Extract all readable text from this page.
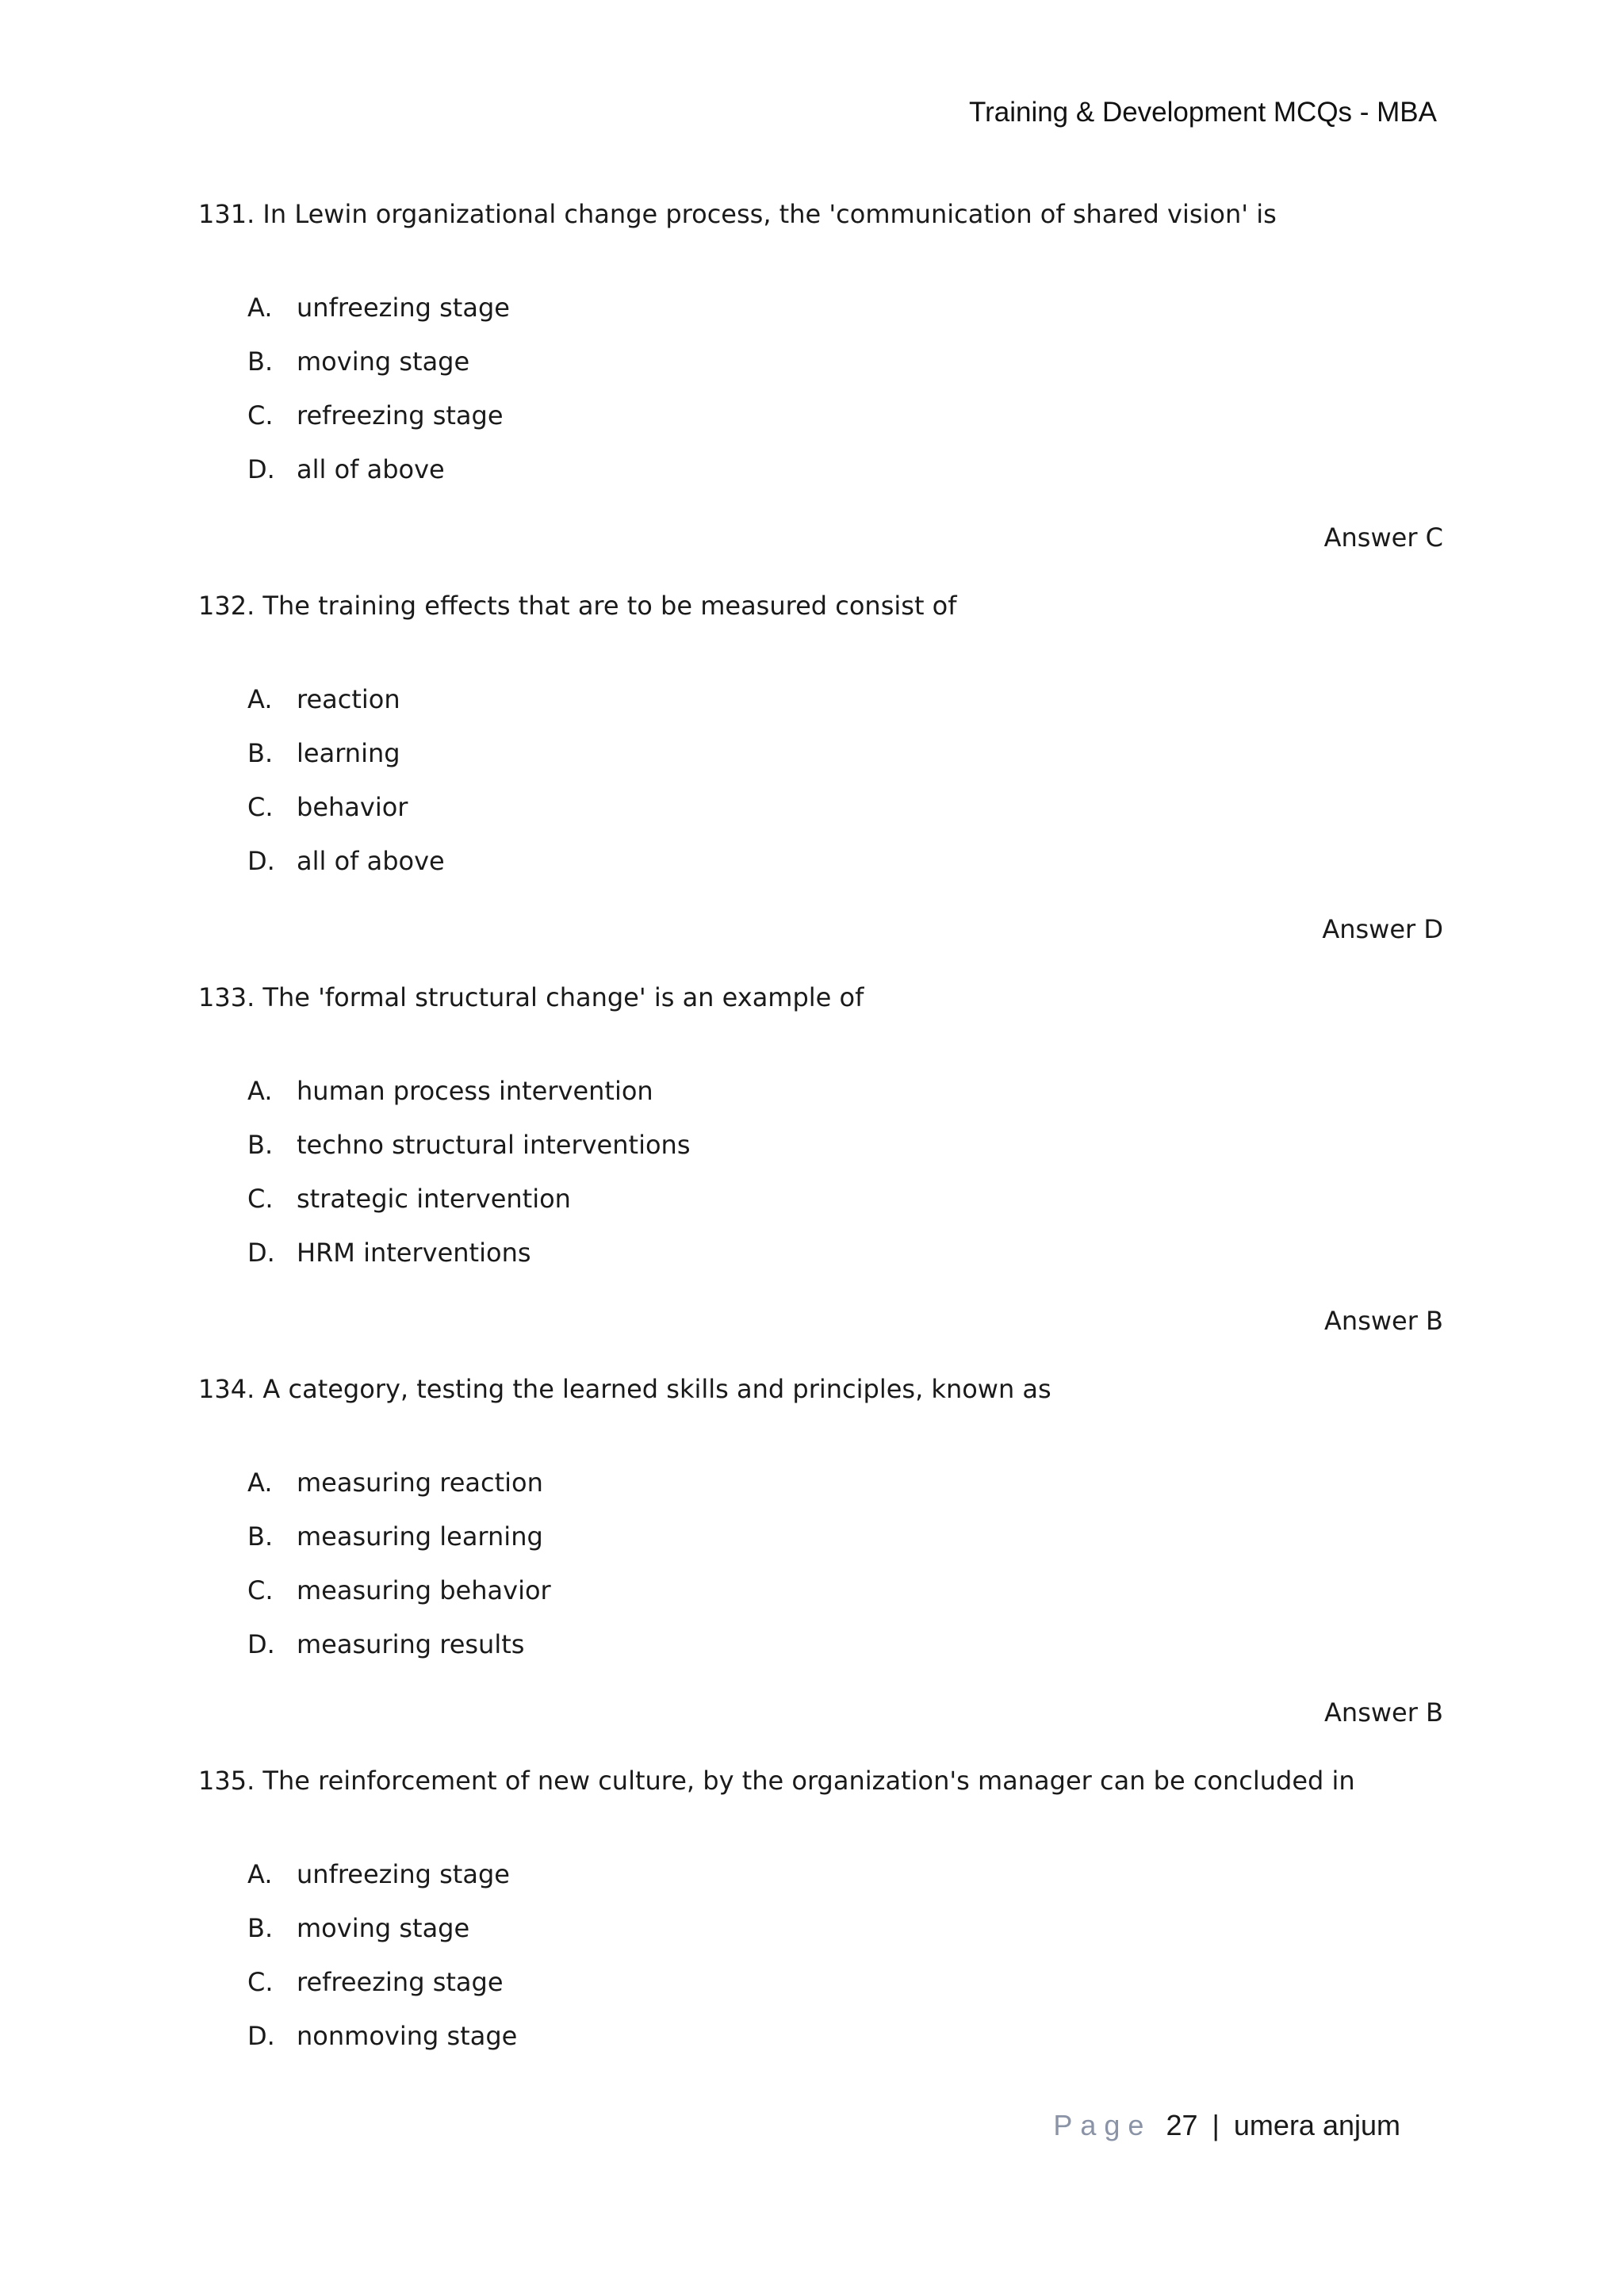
Training & Development MCQs - MBA
131. In Lewin organizational change process, the 'communication of shared vision' is
A. unfreezing stage
B. moving stage
C. refreezing stage
D. all of above
Answer C
132. The training effects that are to be measured consist of
A. reaction
B. learning
C. behavior
D. all of above
Answer D
133. The 'formal structural change' is an example of
A. human process intervention
B. techno structural interventions
C. strategic intervention
D. HRM interventions
Answer B
134. A category, testing the learned skills and principles, known as
A. measuring reaction
B. measuring learning
C. measuring behavior
D. measuring results
Answer B
135. The reinforcement of new culture, by the organization's manager can be concluded in
A. unfreezing stage
B. moving stage
C. refreezing stage
D. nonmoving stage
Page 27 | umera anjum
